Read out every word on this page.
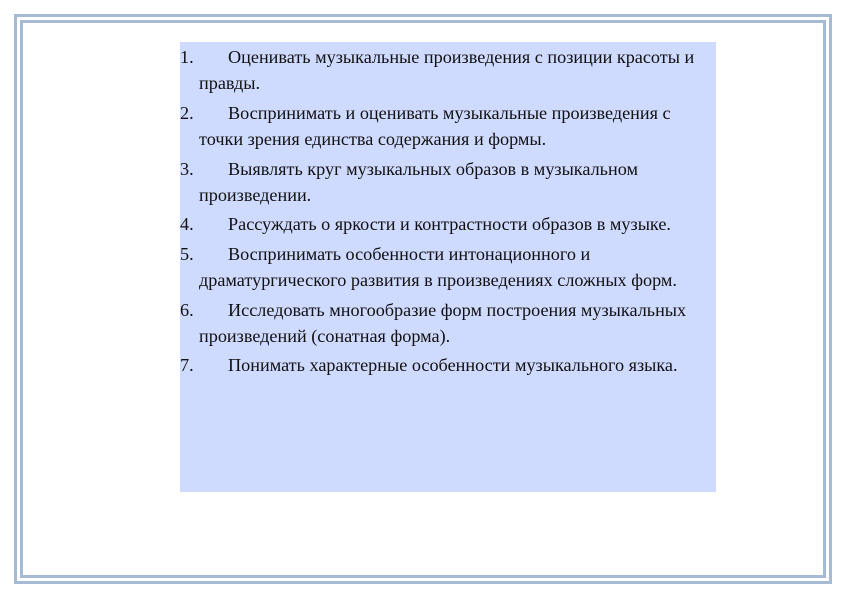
1.	Оценивать музыкальные произведения с позиции красоты и правды.
2.	Воспринимать и оценивать музыкальные произведения с точки зрения единства содержания и формы.
3.	Выявлять круг музыкальных образов в музыкальном произведении.
4.	Рассуждать о яркости и контрастности образов в музыке.
5.	Воспринимать особенности интонационного и драматургического развития в произведениях сложных форм.
6.	Исследовать многообразие форм построения музыкальных произведений (сонатная форма).
7.	Понимать характерные особенности музыкального языка.
